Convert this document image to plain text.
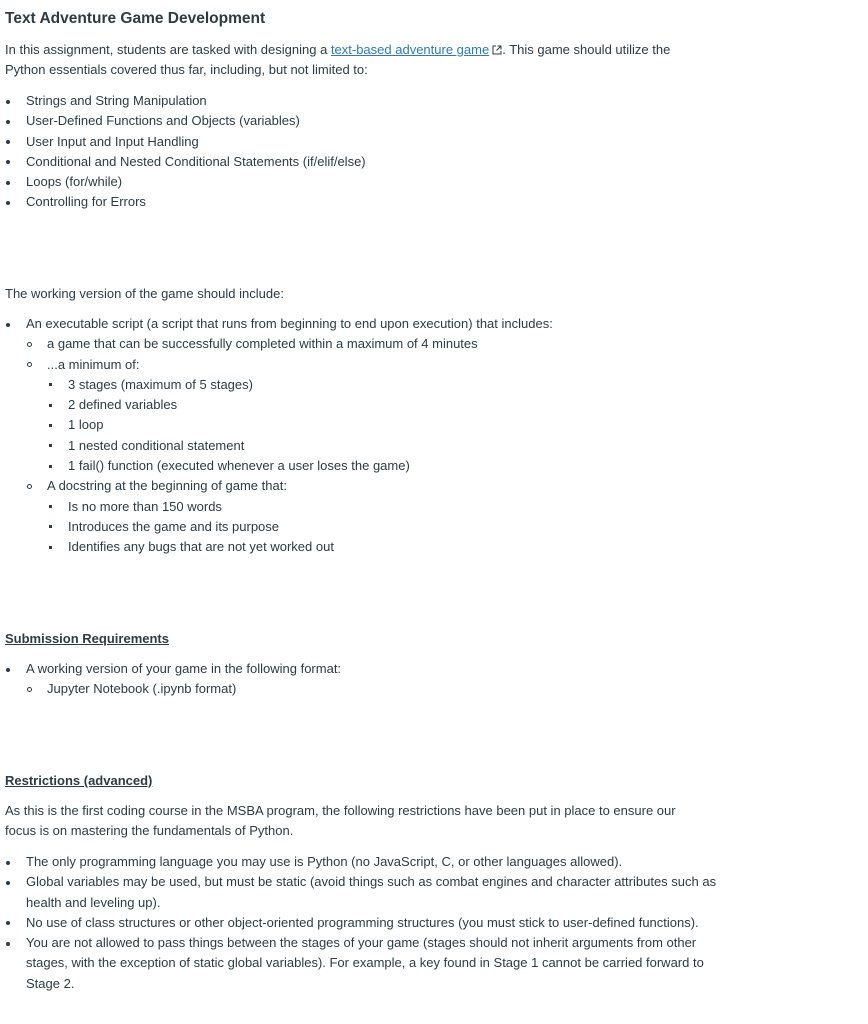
Text Adventure Game Development

In this assignment, students are tasked with designing a text-based adventure game . This game should utilize the Python essentials covered thus far, including, but not limited to:

Strings and String Manipulation
User-Defined Functions and Objects (variables)
User Input and Input Handling
Conditional and Nested Conditional Statements (if/elif/else)
Loops (for/while)
Controlling for Errors

The working version of the game should include:

An executable script (a script that runs from beginning to end upon execution) that includes:
a game that can be successfully completed within a maximum of 4 minutes
...a minimum of:
3 stages (maximum of 5 stages)
2 defined variables
1 loop
1 nested conditional statement
1 fail() function (executed whenever a user loses the game)
A docstring at the beginning of game that:
Is no more than 150 words
Introduces the game and its purpose
Identifies any bugs that are not yet worked out
Submission Requirements
A working version of your game in the following format:
Jupyter Notebook (.ipynb format)
Restrictions (advanced)

As this is the first coding course in the MSBA program, the following restrictions have been put in place to ensure our focus is on mastering the fundamentals of Python.

The only programming language you may use is Python (no JavaScript, C, or other languages allowed).
Global variables may be used, but must be static (avoid things such as combat engines and character attributes such as health and leveling up).
No use of class structures or other object-oriented programming structures (you must stick to user-defined functions).
You are not allowed to pass things between the stages of your game (stages should not inherit arguments from other stages, with the exception of static global variables). For example, a key found in Stage 1 cannot be carried forward to Stage 2.
